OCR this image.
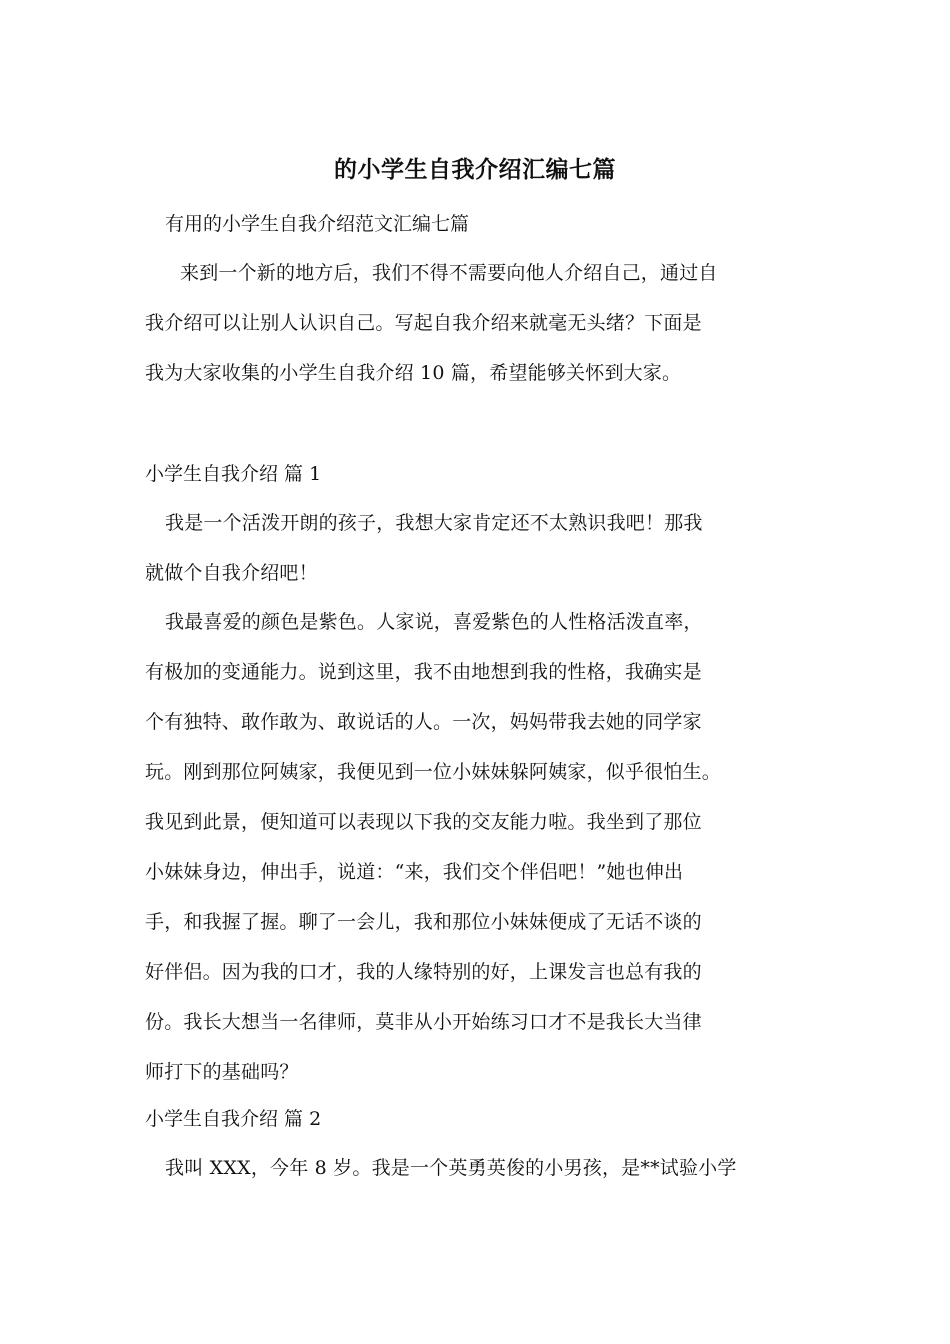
的小学生自我介绍汇编七篇
有用的小学生自我介绍范文汇编七篇
来到一个新的地方后，我们不得不需要向他人介绍自己，通过自
我介绍可以让别人认识自己。写起自我介绍来就毫无头绪？下面是
我为大家收集的小学生自我介绍 10 篇，希望能够关怀到大家。
小学生自我介绍 篇 1
我是一个活泼开朗的孩子，我想大家肯定还不太熟识我吧！那我
就做个自我介绍吧！
我最喜爱的颜色是紫色。人家说，喜爱紫色的人性格活泼直率，
有极加的变通能力。说到这里，我不由地想到我的性格，我确实是
个有独特、敢作敢为、敢说话的人。一次，妈妈带我去她的同学家
玩。刚到那位阿姨家，我便见到一位小妹妹躲阿姨家，似乎很怕生。
我见到此景，便知道可以表现以下我的交友能力啦。我坐到了那位
小妹妹身边，伸出手，说道：“来，我们交个伴侣吧！”她也伸出
手，和我握了握。聊了一会儿，我和那位小妹妹便成了无话不谈的
好伴侣。因为我的口才，我的人缘特别的好，上课发言也总有我的
份。我长大想当一名律师，莫非从小开始练习口才不是我长大当律
师打下的基础吗？
小学生自我介绍 篇 2
我叫 XXX，今年 8 岁。我是一个英勇英俊的小男孩，是**试验小学
